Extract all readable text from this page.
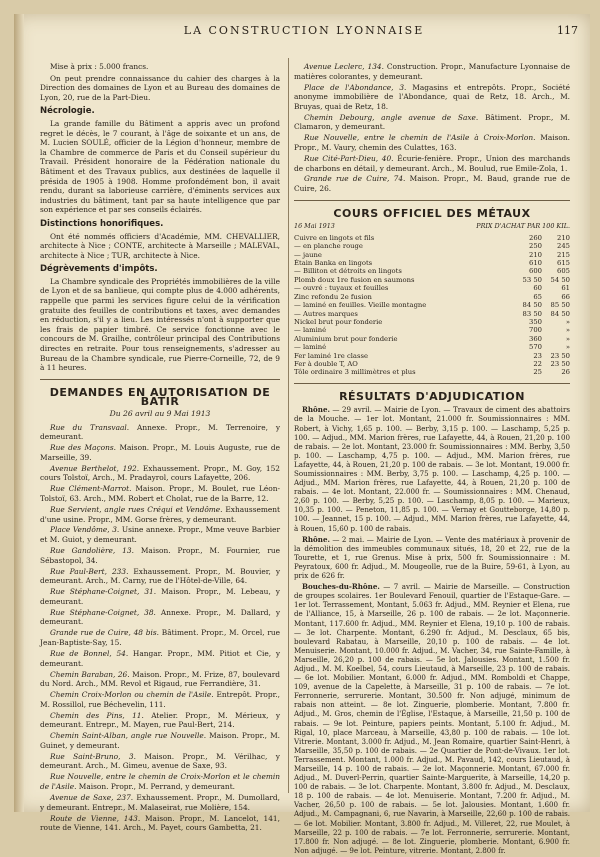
LA CONSTRUCTION LYONNAISE	117

Mise à prix : 5.000 francs.

On peut prendre connaissance du cahier des charges à la Direction des domaines de Lyon et au Bureau des domaines de Lyon, 20, rue de la Part-Dieu.

Nécrologie.

La grande famille du Bâtiment a appris avec un profond regret le décès, le 7 courant, à l'âge de soixante et un ans, de M. Lucien SOULÉ, officier de la Légion d'honneur, membre de la Chambre de commerce de Paris et du Conseil supérieur du Travail. Président honoraire de la Fédération nationale du Bâtiment et des Travaux publics, aux destinées de laquelle il présida de 1905 à 1908. Homme profondément bon, il avait rendu, durant sa laborieuse carrière, d'éminents services aux industries du bâtiment, tant par sa haute intelligence que par son expérience et par ses conseils éclairés.

Distinctions honorifiques.

Ont été nommés officiers d'Académie, MM. CHEVALLIER, architecte à Nice ; CONTE, architecte à Marseille ; MALEVAL, architecte à Nice ; TUR, architecte à Nice.

Dégrèvements d'impôts.

La Chambre syndicale des Propriétés immobilières de la ville de Lyon et de sa banlieue, qui compte plus de 4.000 adhérents, rappelle que parmi les services figure celui de la vérification gratuite des feuilles de contributions et taxes, avec demandes en réduction, s'il y a lieu. Les intéressés n'ont à supporter que les frais de papier timbré. Ce service fonctionne avec le concours de M. Grailhe, contrôleur principal des Contributions directes en retraite. Pour tous renseignements, s'adresser au Bureau de la Chambre syndicale, rue Pierre-Corneille, 72, de 9 à 11 heures.

DEMANDES EN AUTORISATION DE BATIR
Du 26 avril au 9 Mai 1913

Rue du Transvaal. Annexe. Propr., M. Terrenoire, y demeurant.

Rue des Maçons. Maison. Propr., M. Louis Auguste, rue de Marseille, 39.

Avenue Berthelot, 192. Exhaussement. Propr., M. Goy, 152 cours Tolstoï, Arch., M. Pradayrol, cours Lafayette, 206.

Rue Clément-Marrot. Maison. Propr., M. Boulet, rue Léon-Tolstoï, 63. Arch., MM. Robert et Cholat, rue de la Barre, 12.

Rue Servient, angle rues Créqui et Vendôme. Exhaussement d'une usine. Propr., MM. Gorse frères, y demeurant.

Place Vendôme, 3. Usine annexe. Propr., Mme veuve Barbier et M. Guiot, y demeurant.

Rue Gandolière, 13. Maison. Propr., M. Fournier, rue Sébastopol, 34.

Rue Paul-Bert, 233. Exhaussement. Propr., M. Bouvier, y demeurant. Arch., M. Carny, rue de l'Hôtel-de-Ville, 64.

Rue Stéphane-Coignet, 31. Maison. Propr., M. Lebeau, y demeurant.

Rue Stéphane-Coignet, 38. Annexe. Propr., M. Dallard, y demeurant.

Grande rue de Cuire, 48 bis. Bâtiment. Propr., M. Orcel, rue Jean-Baptiste-Say, 15.

Rue de Bonnel, 54. Hangar. Propr., MM. Pitiot et Cie, y demeurant.

Chemin Baraban, 26. Maison. Propr., M. Frize, 87, boulevard du Nord. Arch., MM. Revol et Rigaud, rue Ferrandière, 31.

Chemin Croix-Morlon ou chemin de l'Asile. Entrepôt. Propr., M. Rossillol, rue Béchevelin, 111.

Chemin des Pins, 11. Atelier. Propr., M. Mérieux, y demeurant. Entrepr., M. Mayen, rue Paul-Bert, 214.

Chemin Saint-Alban, angle rue Nouvelle. Maison. Propr., M. Guinet, y demeurant.

Rue Saint-Bruno, 3. Maison. Propr., M. Vérilhac, y demeurant. Arch., M. Gimeu, avenue de Saxe, 93.

Rue Nouvelle, entre le chemin de Croix-Morlon et le chemin de l'Asile. Maison. Propr., M. Perrand, y demeurant.

Avenue de Saxe, 237. Exhaussement. Propr., M. Dumollard, y demeurant. Entrepr., M. Malaseirat, rue Molière, 154.

Route de Vienne, 143. Maison. Propr., M. Lancelot, 141, route de Vienne, 141. Arch., M. Payet, cours Gambetta, 21.

Avenue Leclerc, 134. Construction. Propr., Manufacture Lyonnaise de matières colorantes, y demeurant.

Place de l'Abondance, 3. Magasins et entrepôts. Propr., Société anonyme immobilière de l'Abondance, quai de Retz, 18. Arch., M. Bruyas, quai de Retz, 18.

Chemin Debourg, angle avenue de Saxe. Bâtiment. Propr., M. Clamaron, y demeurant.

Rue Nouvelle, entre le chemin de l'Asile à Croix-Morlon. Maison. Propr., M. Vaury, chemin des Culattes, 163.

Rue Cité-Part-Dieu, 40. Écurie-fenière. Propr., Union des marchands de charbons en détail, y demeurant. Arch., M. Boulud, rue Emile-Zola, 1.

Grande rue de Cuire, 74. Maison. Propr., M. Baud, grande rue de Cuire, 26.

COURS OFFICIEL DES MÉTAUX
16 Mai 1913	PRIX D'ACHAT PAR 100 KIL.
Cuivre en lingots et fils	260	210
— en planche rouge	250	245
— jaune	210	215
Étain Banka en lingots	610	615
— Billiton et détroits en lingots	600	605
Plomb doux 1re fusion en saumons	53 50	54 50
— ouvré : tuyaux et feuilles	60	61
Zinc refondu 2e fusion	65	66
— laminé en feuilles. Vieille montagne	84 50	85 50
— Autres marques	83 50	84 50
Nickel brut pour fonderie	350	»
— laminé	700	»
Aluminium brut pour fonderie	360	»
— laminé	570	»
Fer laminé 1re classe	23	23 50
Fer à double T, AO	22	23 50
Tôle ordinaire 3 millimètres et plus	25	26
RÉSULTATS D'ADJUDICATION

Rhône. — 29 avril. — Mairie de Lyon. — Travaux de ciment des abattoirs de la Mouche. — 1er lot. Montant, 21.000 fr. Soumissionnaires : MM. Robert, à Vichy, 1,65 p. 100. — Berby, 3,15 p. 100. — Laschamp, 5,25 p. 100. — Adjud., MM. Marion frères, rue Lafayette, 44, à Rouen, 21,20 p. 100 de rabais. — 2e lot. Montant, 23.000 fr. Soumissionnaires : MM. Berby, 3,50 p. 100. — Laschamp, 4,75 p. 100. — Adjud., MM. Marion frères, rue Lafayette, 44, à Rouen, 21,20 p. 100 de rabais. — 3e lot. Montant, 19.000 fr. Soumissionnaires : MM. Berby, 3,75 p. 100. — Laschamp, 4,25 p. 100. — Adjud., MM. Marion frères, rue Lafayette, 44, à Rouen, 21,20 p. 100 de rabais. — 4e lot. Montant, 22.000 fr. — Soumissionnaires : MM. Chenaud, 2,60 p. 100. — Berby, 5,25 p. 100. — Laschamp, 8,05 p. 100. — Marieux, 10,35 p. 100. — Peneton, 11,85 p. 100. — Vernay et Goutteborge, 14,80 p. 100. — Jeannet, 15 p. 100. — Adjud., MM. Marion frères, rue Lafayette, 44, à Rouen, 15,60 p. 100 de rabais.

Rhône. — 2 mai. — Mairie de Lyon. — Vente des matériaux à provenir de la démolition des immeubles communaux situés, 18, 20 et 22, rue de la Tourette, et 1, rue Grenus. Mise à prix, 500 fr. Soumissionnaire : M. Peyratoux, 600 fr. Adjud., M. Mougeolle, rue de la Buire, 59-61, à Lyon, au prix de 626 fr.

Bouches-du-Rhône. — 7 avril. — Mairie de Marseille. — Construction de groupes scolaires. 1er Boulevard Fenouil, quartier de l'Estaque-Gare. — 1er lot. Terrassement, Montant, 5.063 fr. Adjud., MM. Reynier et Elena, rue de l'Alliance, 15, à Marseille, 26 p. 100 de rabais. — 2e lot. Maçonnerie. Montant, 117.600 fr. Adjud., MM. Reynier et Elena, 19,10 p. 100 de rabais. — 3e lot. Charpente. Montant, 6.290 fr. Adjud., M. Desclaux, 65 bis, boulevard Rabatau, à Marseille, 20,10 p. 100 de rabais. — 4e lot. Menuiserie. Montant, 10.000 fr. Adjud., M. Vacher, 34, rue Sainte-Famille, à Marseille, 26,20 p. 100 de rabais. — 5e lot. Jalousies. Montant, 1.500 fr. Adjud., M. M. Koelbel, 54, cours Lieutaud, à Marseille, 23 p. 100 de rabais. — 6e lot. Mobilier. Montant, 6.000 fr. Adjud., MM. Romboldi et Chappe, 109, avenue de la Capelette, à Marseille, 31 p. 100 de rabais. — 7e lot. Ferronnerie, serrurerie. Montant, 30.500 fr. Non adjugé, minimum de rabais non atteint. — 8e lot. Zinguerie, plomberie. Montant, 7.800 fr. Adjud., M. Gros, chemin de l'Église, l'Estaque, à Marseille, 21,50 p. 100 de rabais. — 9e lot. Peinture, papiers peints. Montant, 5.100 fr. Adjud., M. Rigal, 10, place Marceau, à Marseille, 43,80 p. 100 de rabais. — 10e lot. Vitrerie. Montant, 3.000 fr. Adjud., M. Jean Romaire, quartier Saint-Henri, à Marseille, 35,50 p. 100 de rabais. — 2e Quartier de Pont-de-Vivaux. 1er lot. Terrassement. Montant, 1.000 fr. Adjud., M. Pavaud, 142, cours Lieutaud, à Marseille, 14 p. 100 de rabais. — 2e lot. Maçonnerie. Montant, 67.000 fr. Adjud., M. Duverl-Perrin, quartier Sainte-Marguerite, à Marseille, 14,20 p. 100 de rabais. — 3e lot. Charpente. Montant, 3.800 fr. Adjud., M. Desclaux, 18 p. 100 de rabais. — 4e lot. Menuiserie. Montant, 7.200 fr. Adjud., M. Vacher, 26,50 p. 100 de rabais. — 5e lot. Jalousies. Montant, 1.600 fr. Adjud., M. Campagnani, 6, rue Navarin, à Marseille, 22,60 p. 100 de rabais. — 6e lot. Mobilier. Montant, 3.800 fr. Adjud., M. Villeret, 22, rue Moulet, à Marseille, 22 p. 100 de rabais. — 7e lot. Ferronnerie, serrurerie. Montant, 17.800 fr. Non adjugé. — 8e lot. Zinguerie, plomberie. Montant, 6.900 fr. Non adjugé. — 9e lot. Peinture, vitrerie. Montant, 2.800 fr.
